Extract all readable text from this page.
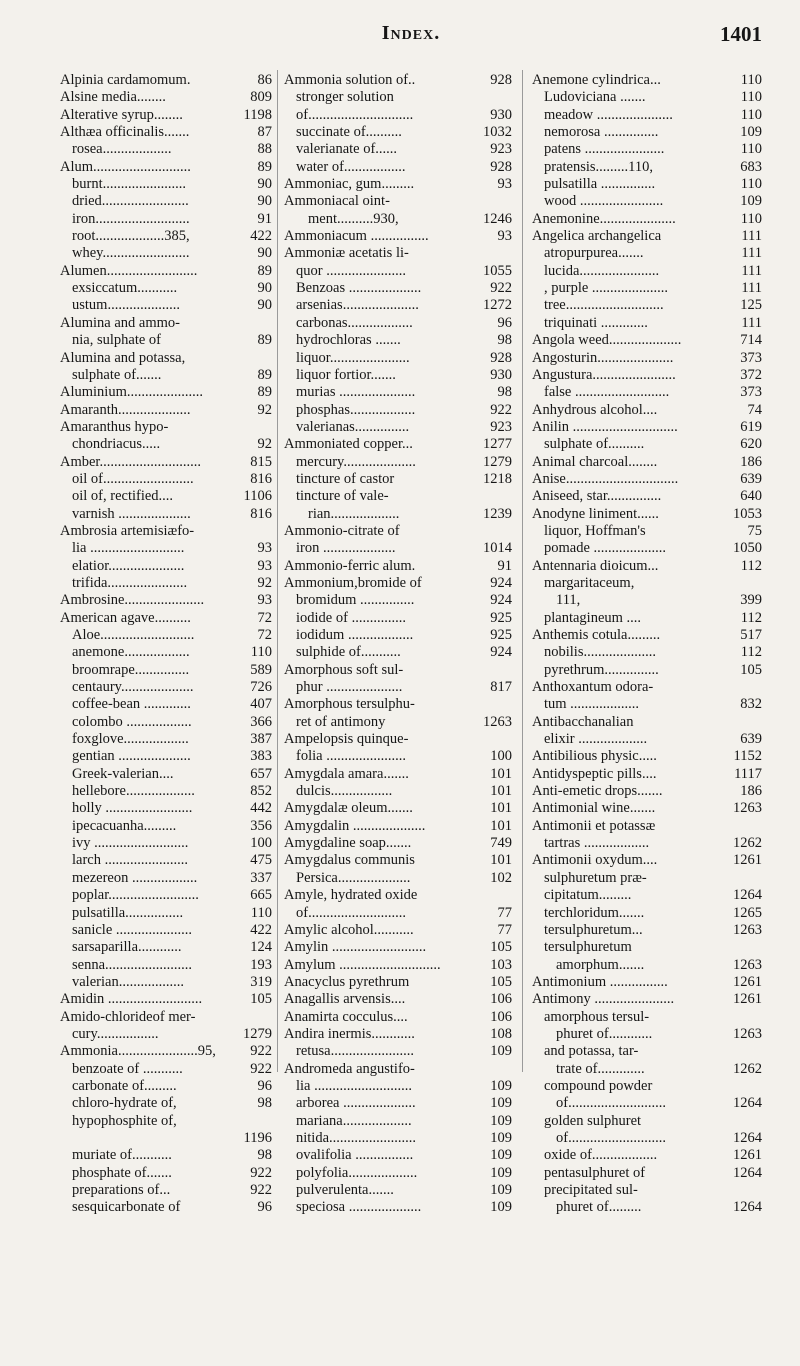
Index.	1401
Alpinia cardamomum.	86
Alsine media........	809
Alterative syrup........	1198
Althæa officinalis.......	87
rosea...................	88
Alum...........................	89
burnt.......................	90
dried........................	90
iron..........................	91
root...................385,	422
whey........................	90
Alumen.........................	89
exsiccatum...........	90
ustum....................	90
Alumina and ammo-
nia, sulphate of	89
Alumina and potassa,
sulphate of.......	89
Aluminium.....................	89
Amaranth....................	92
Amaranthus hypo-
chondriacus.....	92
Amber............................	815
oil of.........................	816
oil of, rectified....	1106
varnish ....................	816
Ambrosia artemisiæfo-
lia ..........................	93
elatior.....................	93
trifida......................	92
Ambrosine......................	93
American agave..........	72
Aloe..........................	72
anemone..................	110
broomrape...............	589
centaury....................	726
coffee-bean .............	407
colombo ..................	366
foxglove..................	387
gentian ....................	383
Greek-valerian....	657
hellebore...................	852
holly ........................	442
ipecacuanha.........	356
ivy ..........................	100
larch .......................	475
mezereon ..................	337
poplar.........................	665
pulsatilla................	110
sanicle .....................	422
sarsaparilla............	124
senna........................	193
valerian..................	319
Amidin ..........................	105
Amido-chlorideof mer-
cury.................	1279
Ammonia......................95,	922
benzoate of ...........	922
carbonate of.........	96
chloro-hydrate of,	98
hypophosphite of,
1196
muriate of...........	98
phosphate of.......	922
preparations of...	922
sesquicarbonate of	96
Ammonia solution of..	928
stronger solution
of.............................	930
succinate of..........	1032
valerianate of......	923
water of.................	928
Ammoniac, gum.........	93
Ammoniacal oint-
ment..........930,	1246
Ammoniacum ................	93
Ammoniæ acetatis li-
quor ......................	1055
Benzoas ....................	922
arsenias.....................	1272
carbonas..................	96
hydrochloras .......	98
liquor......................	928
liquor fortior.......	930
murias .....................	98
phosphas..................	922
valerianas...............	923
Ammoniated copper...	1277
mercury....................	1279
tincture of castor	1218
tincture of vale-
rian...................	1239
Ammonio-citrate of
iron ....................	1014
Ammonio-ferric alum.	91
Ammonium,bromide of	924
bromidum ...............	924
iodide of ...............	925
iodidum ..................	925
sulphide of...........	924
Amorphous soft sul-
phur .....................	817
Amorphous tersulphu-
ret of antimony	1263
Ampelopsis quinque-
folia ......................	100
Amygdala amara.......	101
dulcis.................	101
Amygdalæ oleum.......	101
Amygdalin ....................	101
Amygdaline soap.......	749
Amygdalus communis	101
Persica....................	102
Amyle, hydrated oxide
of...........................	77
Amylic alcohol...........	77
Amylin ..........................	105
Amylum ............................	103
Anacyclus pyrethrum	105
Anagallis arvensis....	106
Anamirta cocculus....	106
Andira inermis............	108
retusa.......................	109
Andromeda angustifo-
lia ...........................	109
arborea ....................	109
mariana...................	109
nitida........................	109
ovalifolia ................	109
polyfolia...................	109
pulverulenta.......	109
speciosa ....................	109
Anemone cylindrica...	110
Ludoviciana .......	110
meadow .....................	110
nemorosa ...............	109
patens ......................	110
pratensis.........110,	683
pulsatilla ...............	110
wood .......................	109
Anemonine.....................	110
Angelica archangelica	111
atropurpurea.......	111
lucida......................	111
, purple .....................	111
tree...........................	125
triquinati .............	111
Angola weed....................	714
Angosturin.....................	373
Angustura.......................	372
false ..........................	373
Anhydrous alcohol....	74
Anilin .............................	619
sulphate of..........	620
Animal charcoal........	186
Anise...............................	639
Aniseed, star...............	640
Anodyne liniment......	1053
liquor, Hoffman's	75
pomade ....................	1050
Antennaria dioicum...	112
margaritaceum,
111,	399
plantagineum ....	112
Anthemis cotula.........	517
nobilis....................	112
pyrethrum...............	105
Anthoxantum odora-
tum ...................	832
Antibacchanalian
elixir ...................	639
Antibilious physic.....	1152
Antidyspeptic pills....	1117
Anti-emetic drops.......	186
Antimonial wine.......	1263
Antimonii et potassæ
tartras ..................	1262
Antimonii oxydum....	1261
sulphuretum præ-
cipitatum.........	1264
terchloridum.......	1265
tersulphuretum...	1263
tersulphuretum
amorphum.......	1263
Antimonium ................	1261
Antimony ......................	1261
amorphous tersul-
phuret of............	1263
and potassa, tar-
trate of.............	1262
compound powder
of...........................	1264
golden sulphuret
of...........................	1264
oxide of..................	1261
pentasulphuret of	1264
precipitated sul-
phuret of.........	1264
